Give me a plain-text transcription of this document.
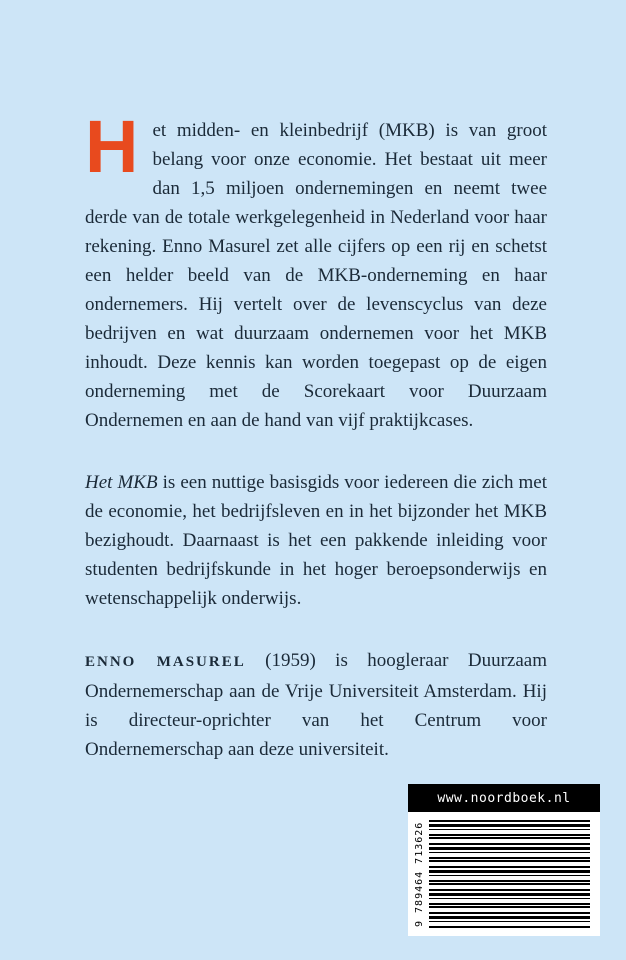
Het midden- en kleinbedrijf (MKB) is van groot belang voor onze economie. Het bestaat uit meer dan 1,5 miljoen ondernemingen en neemt twee derde van de totale werkgelegenheid in Nederland voor haar rekening. Enno Masurel zet alle cijfers op een rij en schetst een helder beeld van de MKB-onderneming en haar ondernemers. Hij vertelt over de levenscyclus van deze bedrijven en wat duurzaam ondernemen voor het MKB inhoudt. Deze kennis kan worden toegepast op de eigen onderneming met de Scorekaart voor Duurzaam Ondernemen en aan de hand van vijf praktijkcases.

Het MKB is een nuttige basisgids voor iedereen die zich met de economie, het bedrijfsleven en in het bijzonder het MKB bezighoudt. Daarnaast is het een pakkende inleiding voor studenten bedrijfskunde in het hoger beroepsonderwijs en wetenschappelijk onderwijs.

ENNO MASUREL (1959) is hoogleraar Duurzaam Ondernemerschap aan de Vrije Universiteit Amsterdam. Hij is directeur-oprichter van het Centrum voor Ondernemerschap aan deze universiteit.

www.noordboek.nl
9 789464 713626
